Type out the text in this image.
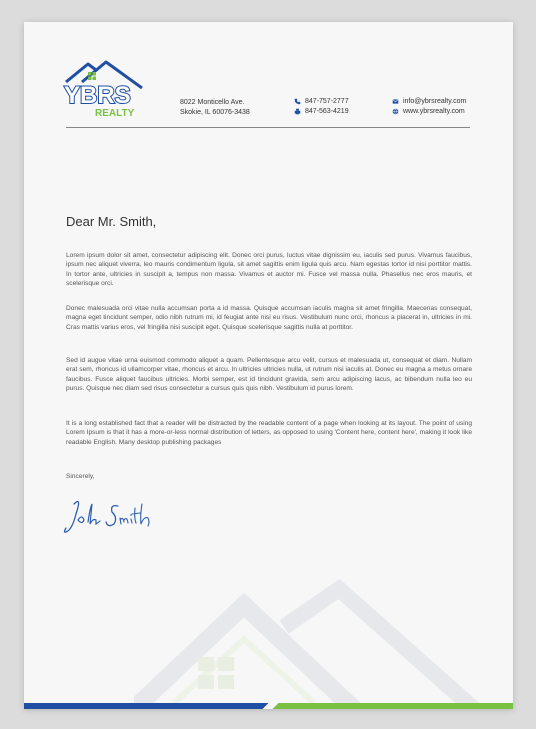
YBRS
REALTY
8022 Monticello Ave.
Skokie, IL 60076-3438
847-757-2777
847-563-4219
info@ybrsrealty.com
www.ybrsrealty.com
Dear Mr. Smith,

Lorem ipsum dolor sit amet, consectetur adipiscing elit. Donec orci purus, luctus vitae dignissim eu, iaculis sed purus. Vivamus faucibus, ipsum nec aliquet viverra, leo mauris condimentum ligula, sit amet sagittis enim ligula quis arcu. Nam egestas tortor id nisi porttitor mattis. In tortor ante, ultricies in suscipit a, tempus non massa. Vivamus et auctor mi. Fusce vel massa nulla. Phasellus nec eros mauris, et scelerisque orci.

Donec malesuada orci vitae nulla accumsan porta a id massa. Quisque accumsan iaculis magna sit amet fringilla. Maecenas consequat, magna eget tincidunt semper, odio nibh rutrum mi, id feugiat ante nisi eu risus. Vestibulum nunc orci, rhoncus a placerat in, ultricies in mi. Cras mattis varius eros, vel fringilla nisi suscipit eget. Quisque scelerisque sagittis nulla at porttitor.

Sed id augue vitae urna euismod commodo aliquet a quam. Pellentesque arcu velit, cursus et malesuada ut, consequat et diam. Nullam erat sem, rhoncus id ullamcorper vitae, rhoncus et arcu. In ultricies ultricies nulla, ut rutrum nisi iaculis at. Donec eu magna a metus ornare faucibus. Fusce aliquet faucibus ultricies. Morbi semper, est id tincidunt gravida, sem arcu adipiscing lacus, ac bibendum nulla leo eu purus. Quisque nec diam sed risus consectetur a cursus quis quis nibh. Vestibulum id purus lorem.

It is a long established fact that a reader will be distracted by the readable content of a page when looking at its layout. The point of using Lorem Ipsum is that it has a more-or-less normal distribution of letters, as opposed to using 'Content here, content here', making it look like readable English. Many desktop publishing packages

Sincerely,
